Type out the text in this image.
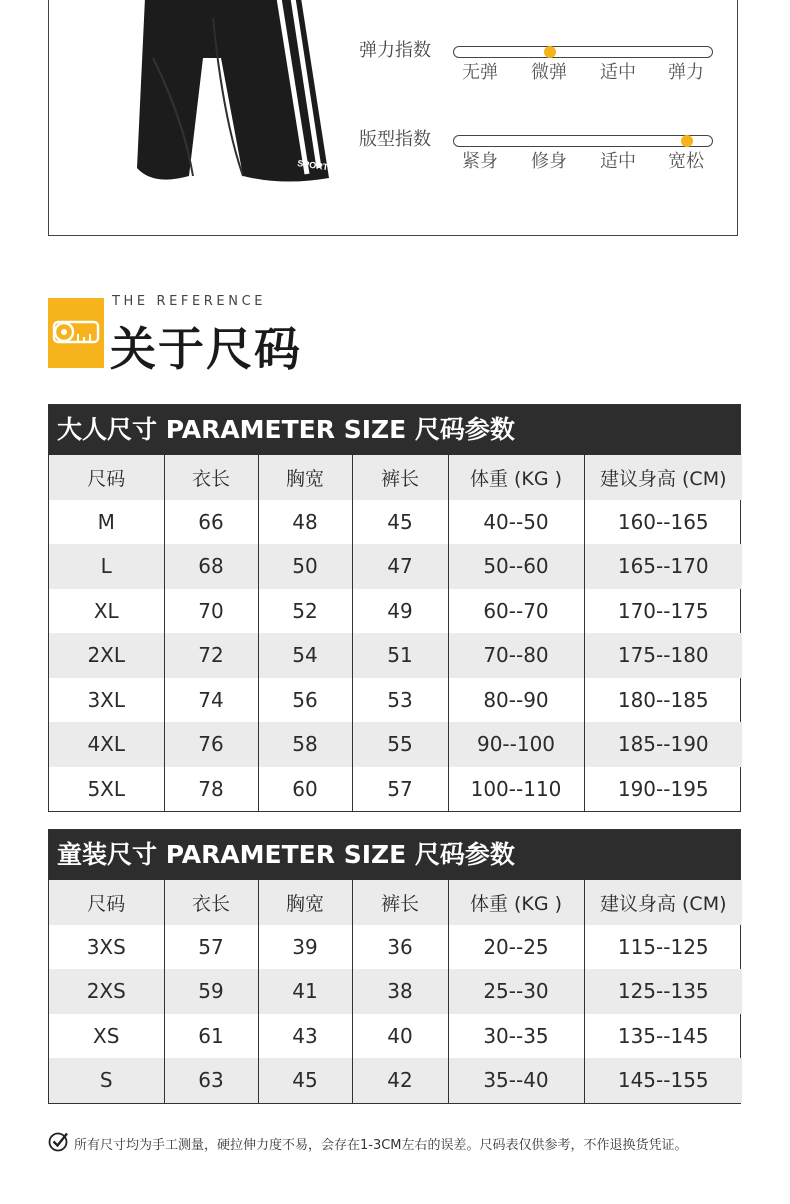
SPORT
弹力指数
无弹 微弹 适中 弹力
版型指数
紧身 修身 适中 宽松
THE REFERENCE
关于尺码
大人尺寸 PARAMETER SIZE 尺码参数
尺码	衣长	胸宽	裤长	体重 (KG )	建议身高 (CM)
M	66	48	45	40--50	160--165
L	68	50	47	50--60	165--170
XL	70	52	49	60--70	170--175
2XL	72	54	51	70--80	175--180
3XL	74	56	53	80--90	180--185
4XL	76	58	55	90--100	185--190
5XL	78	60	57	100--110	190--195
童装尺寸 PARAMETER SIZE 尺码参数
尺码	衣长	胸宽	裤长	体重 (KG )	建议身高 (CM)
3XS	57	39	36	20--25	115--125
2XS	59	41	38	25--30	125--135
XS	61	43	40	30--35	135--145
S	63	45	42	35--40	145--155
所有尺寸均为手工测量，硬拉伸力度不易，会存在1-3CM左右的误差。尺码表仅供参考，不作退换货凭证。
